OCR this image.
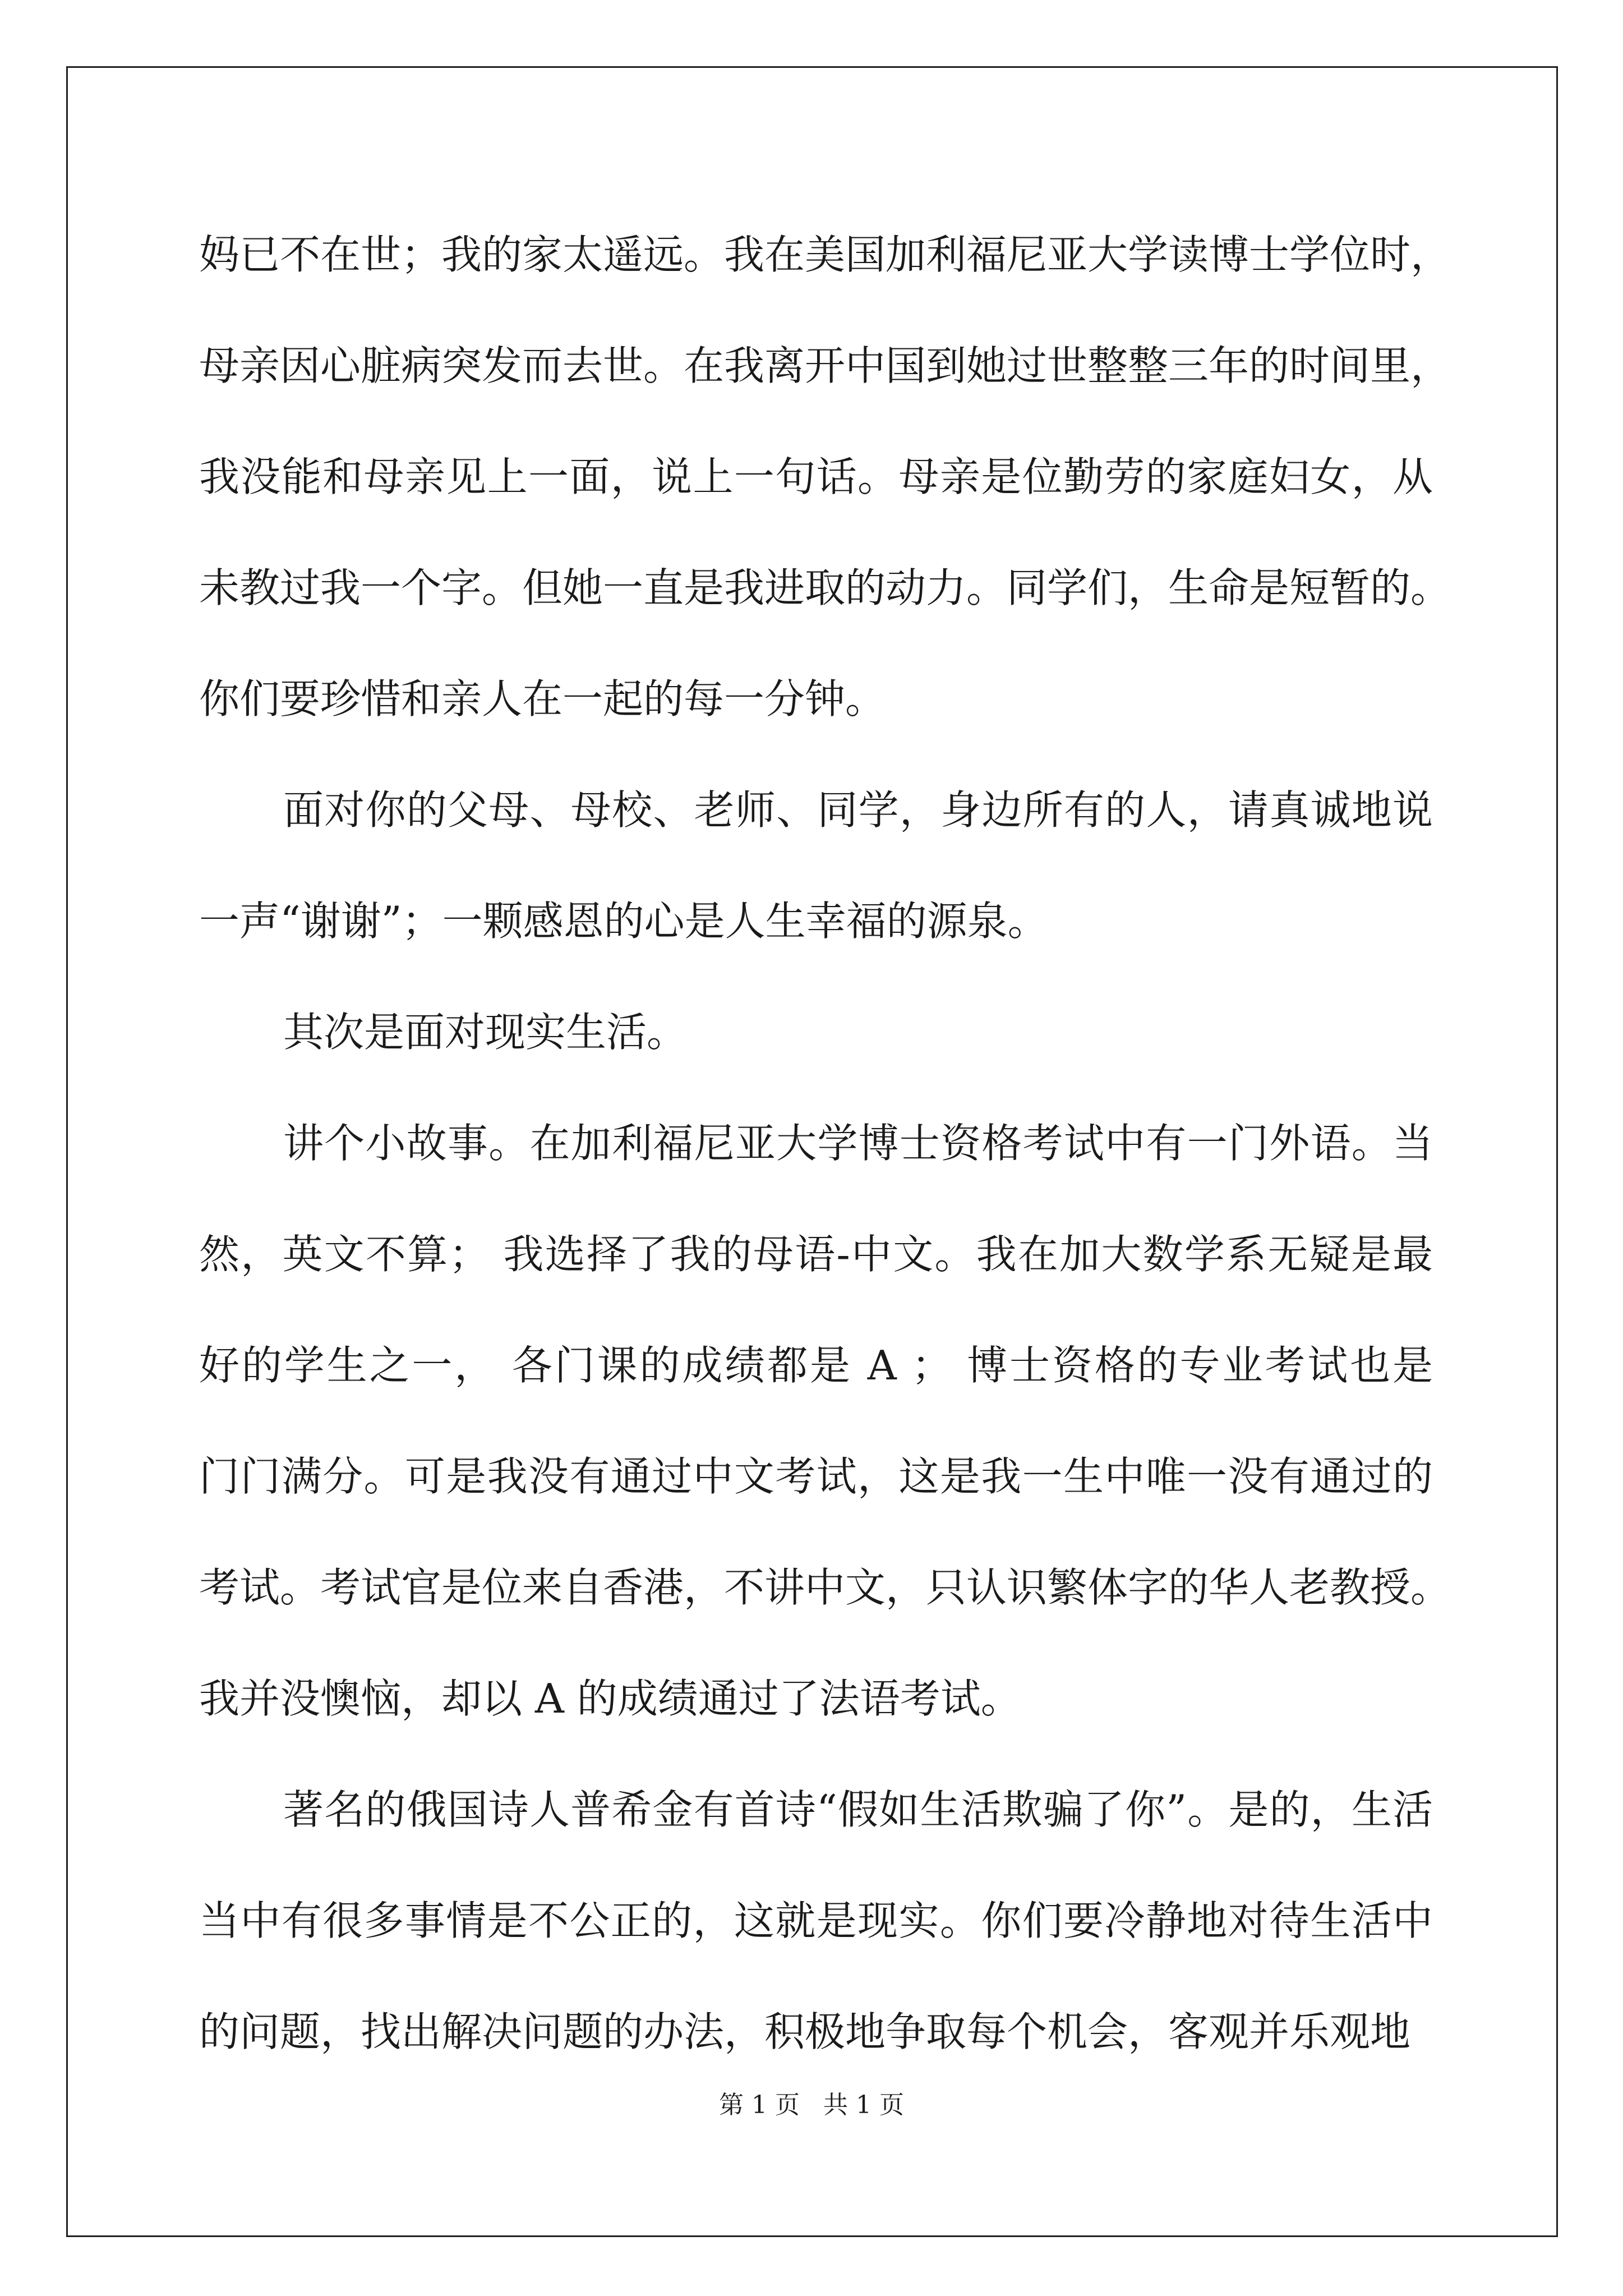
妈已不在世；我的家太遥远。我在美国加利福尼亚大学读博士学位时，
母亲因心脏病突发而去世。在我离开中国到她过世整整三年的时间里，
我没能和母亲见上一面，说上一句话。母亲是位勤劳的家庭妇女，从
未教过我一个字。但她一直是我进取的动力。同学们，生命是短暂的。
你们要珍惜和亲人在一起的每一分钟。
面对你的父母、母校、老师、同学，身边所有的人，请真诚地说
一声“谢谢”；一颗感恩的心是人生幸福的源泉。
其次是面对现实生活。
讲个小故事。在加利福尼亚大学博士资格考试中有一门外语。当
然，英文不算； 我选择了我的母语-中文。我在加大数学系无疑是最
好的学生之一， 各门课的成绩都是 A ； 博士资格的专业考试也是
门门满分。可是我没有通过中文考试，这是我一生中唯一没有通过的
考试。考试官是位来自香港，不讲中文，只认识繁体字的华人老教授。
我并没懊恼，却以 A 的成绩通过了法语考试。
著名的俄国诗人普希金有首诗“假如生活欺骗了你”。是的，生活
当中有很多事情是不公正的，这就是现实。你们要冷静地对待生活中
的问题，找出解决问题的办法，积极地争取每个机会，客观并乐观地
第 1 页   共 1 页
